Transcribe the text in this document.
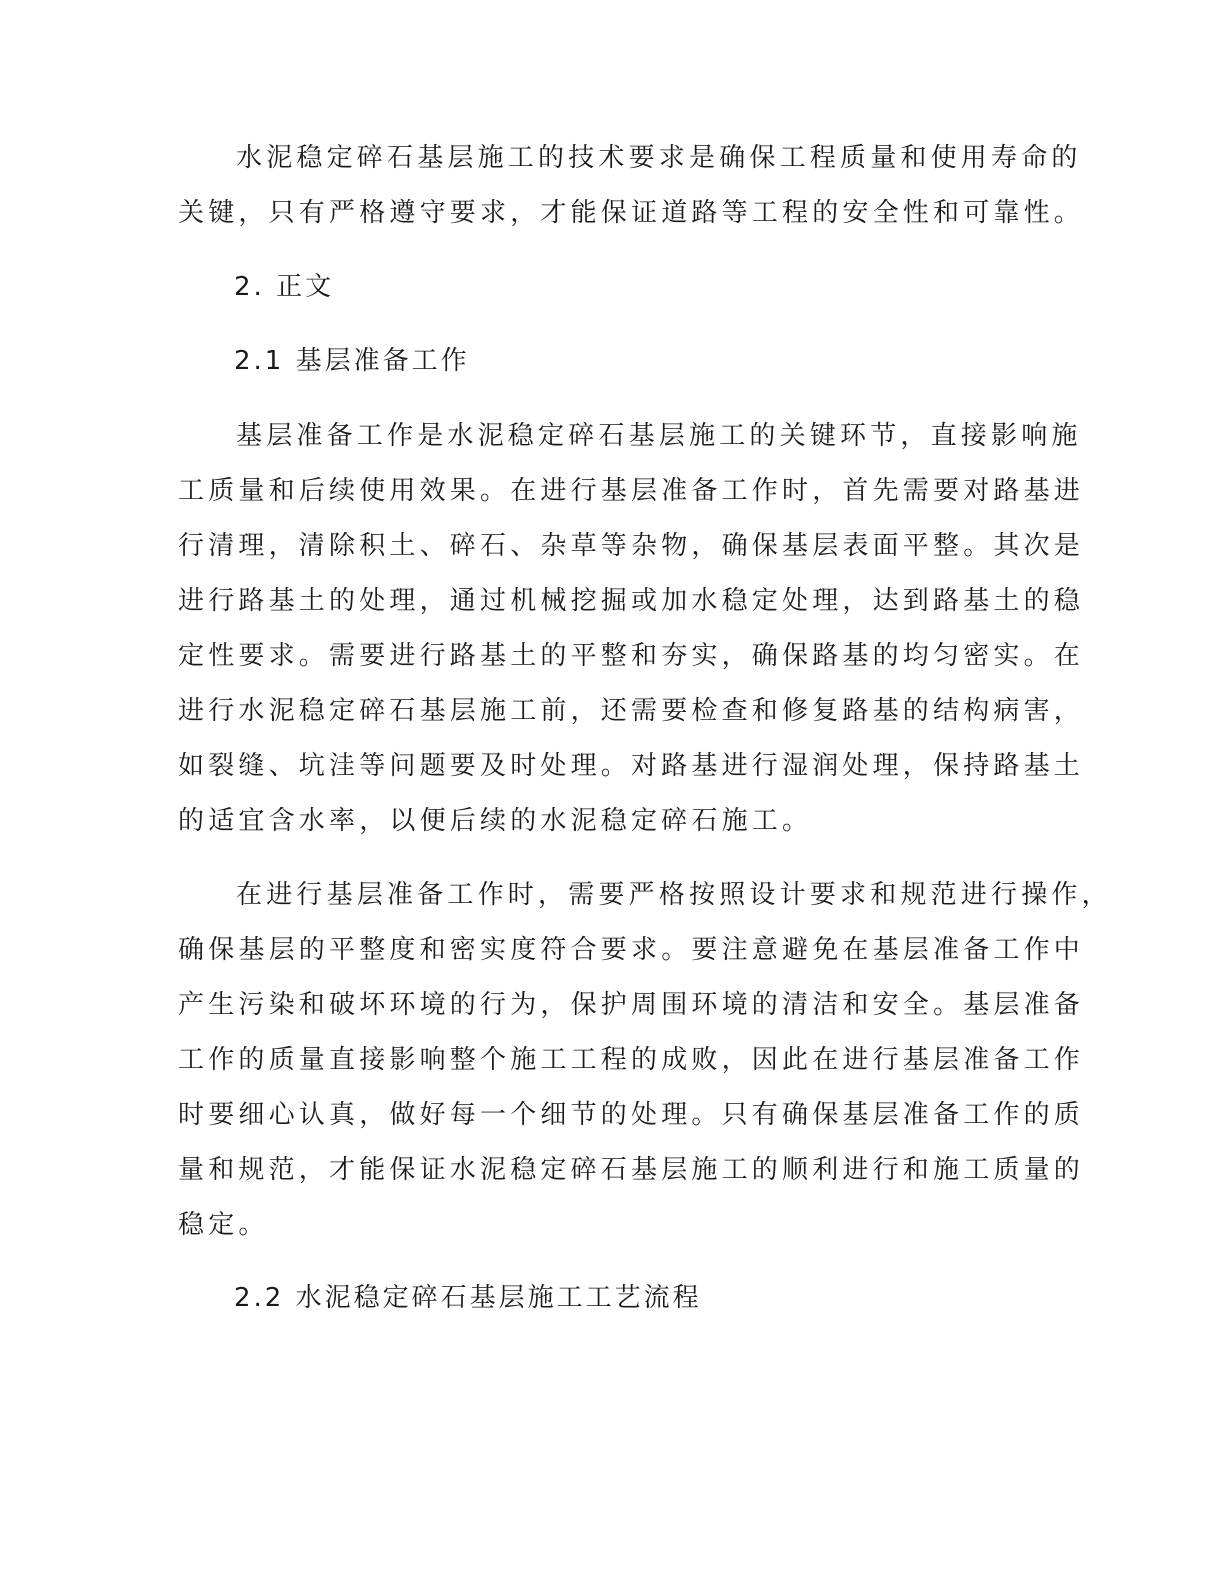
水泥稳定碎石基层施工的技术要求是确保工程质量和使用寿命的
关键，只有严格遵守要求，才能保证道路等工程的安全性和可靠性。
2. 正文
2.1 基层准备工作
基层准备工作是水泥稳定碎石基层施工的关键环节，直接影响施
工质量和后续使用效果。在进行基层准备工作时，首先需要对路基进
行清理，清除积土、碎石、杂草等杂物，确保基层表面平整。其次是
进行路基土的处理，通过机械挖掘或加水稳定处理，达到路基土的稳
定性要求。需要进行路基土的平整和夯实，确保路基的均匀密实。在
进行水泥稳定碎石基层施工前，还需要检查和修复路基的结构病害，
如裂缝、坑洼等问题要及时处理。对路基进行湿润处理，保持路基土
的适宜含水率，以便后续的水泥稳定碎石施工。
在进行基层准备工作时，需要严格按照设计要求和规范进行操作，
确保基层的平整度和密实度符合要求。要注意避免在基层准备工作中
产生污染和破坏环境的行为，保护周围环境的清洁和安全。基层准备
工作的质量直接影响整个施工工程的成败，因此在进行基层准备工作
时要细心认真，做好每一个细节的处理。只有确保基层准备工作的质
量和规范，才能保证水泥稳定碎石基层施工的顺利进行和施工质量的
稳定。
2.2 水泥稳定碎石基层施工工艺流程
